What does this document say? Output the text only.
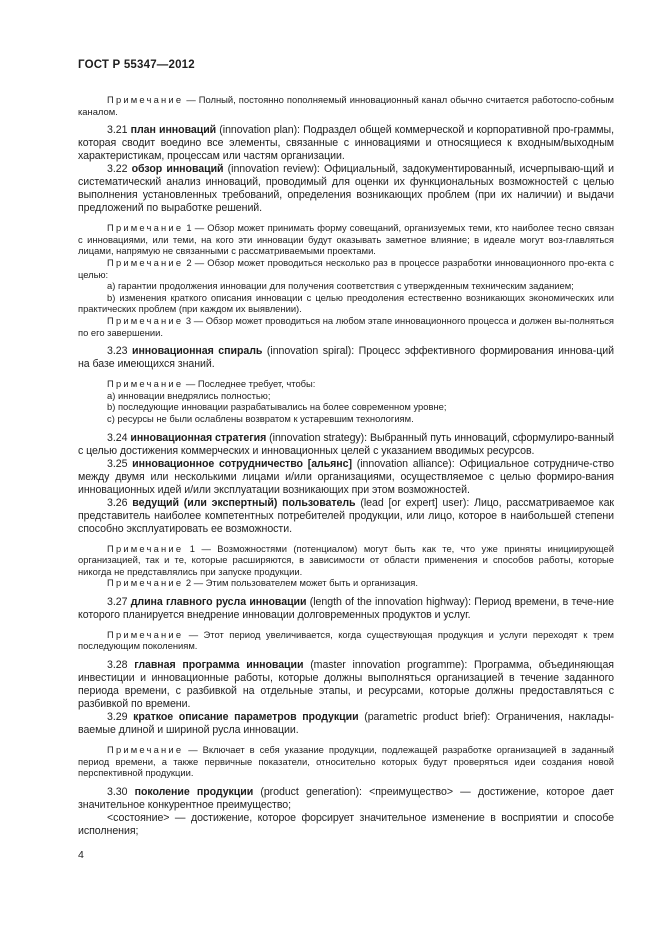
ГОСТ Р 55347—2012

Примечание — Полный, постоянно пополняемый инновационный канал обычно считается работоспо-собным каналом.

3.21 план инноваций (innovation plan): Подраздел общей коммерческой и корпоративной про-граммы, которая сводит воедино все элементы, связанные с инновациями и относящиеся к входным/выходным характеристикам, процессам или частям организации.

3.22 обзор инноваций (innovation review): Официальный, задокументированный, исчерпываю-щий и систематический анализ инноваций, проводимый для оценки их функциональных возможностей с целью выполнения установленных требований, определения возникающих проблем (при их наличии) и выдачи предложений по выработке решений.

Примечание 1 — Обзор может принимать форму совещаний, организуемых теми, кто наиболее тесно связан с инновациями, или теми, на кого эти инновации будут оказывать заметное влияние; в идеале могут воз-главляться лицами, напрямую не связанными с рассматриваемыми проектами.

Примечание 2 — Обзор может проводиться несколько раз в процессе разработки инновационного про-екта с целью:

a) гарантии продолжения инновации для получения соответствия с утвержденным техническим заданием;

b) изменения краткого описания инновации с целью преодоления естественно возникающих экономических или практических проблем (при каждом их выявлении).

Примечание 3 — Обзор может проводиться на любом этапе инновационного процесса и должен вы-полняться по его завершении.

3.23 инновационная спираль (innovation spiral): Процесс эффективного формирования иннова-ций на базе имеющихся знаний.

Примечание — Последнее требует, чтобы:

a) инновации внедрялись полностью;

b) последующие инновации разрабатывались на более современном уровне;

c) ресурсы не были ослаблены возвратом к устаревшим технологиям.

3.24 инновационная стратегия (innovation strategy): Выбранный путь инноваций, сформулиро-ванный с целью достижения коммерческих и инновационных целей с указанием вводимых ресурсов.

3.25 инновационное сотрудничество [альянс] (innovation alliance): Официальное сотрудниче-ство между двумя или несколькими лицами и/или организациями, осуществляемое с целью формиро-вания инновационных идей и/или эксплуатации возникающих при этом возможностей.

3.26 ведущий (или экспертный) пользователь (lead [or expert] user): Лицо, рассматриваемое как представитель наиболее компетентных потребителей продукции, или лицо, которое в наибольшей степени способно эксплуатировать ее возможности.

Примечание 1 — Возможностями (потенциалом) могут быть как те, что уже приняты инициирующей организацией, так и те, которые расширяются, в зависимости от области применения и способов работы, которые никогда не представлялись при запуске продукции.

Примечание 2 — Этим пользователем может быть и организация.

3.27 длина главного русла инновации (length of the innovation highway): Период времени, в тече-ние которого планируется внедрение инновации долговременных продуктов и услуг.

Примечание — Этот период увеличивается, когда существующая продукция и услуги переходят к трем последующим поколениям.

3.28 главная программа инновации (master innovation programme): Программа, объединяющая инвестиции и инновационные работы, которые должны выполняться организацией в течение заданного периода времени, с разбивкой на отдельные этапы, и ресурсами, которые должны предоставляться с разбивкой по времени.

3.29 краткое описание параметров продукции (parametric product brief): Ограничения, наклады-ваемые длиной и шириной русла инновации.

Примечание — Включает в себя указание продукции, подлежащей разработке организацией в заданный период времени, а также первичные показатели, относительно которых будут проверяться идеи создания новой перспективной продукции.

3.30 поколение продукции (product generation): <преимущество> — достижение, которое дает значительное конкурентное преимущество;

<состояние> — достижение, которое форсирует значительное изменение в восприятии и способе исполнения;

4
